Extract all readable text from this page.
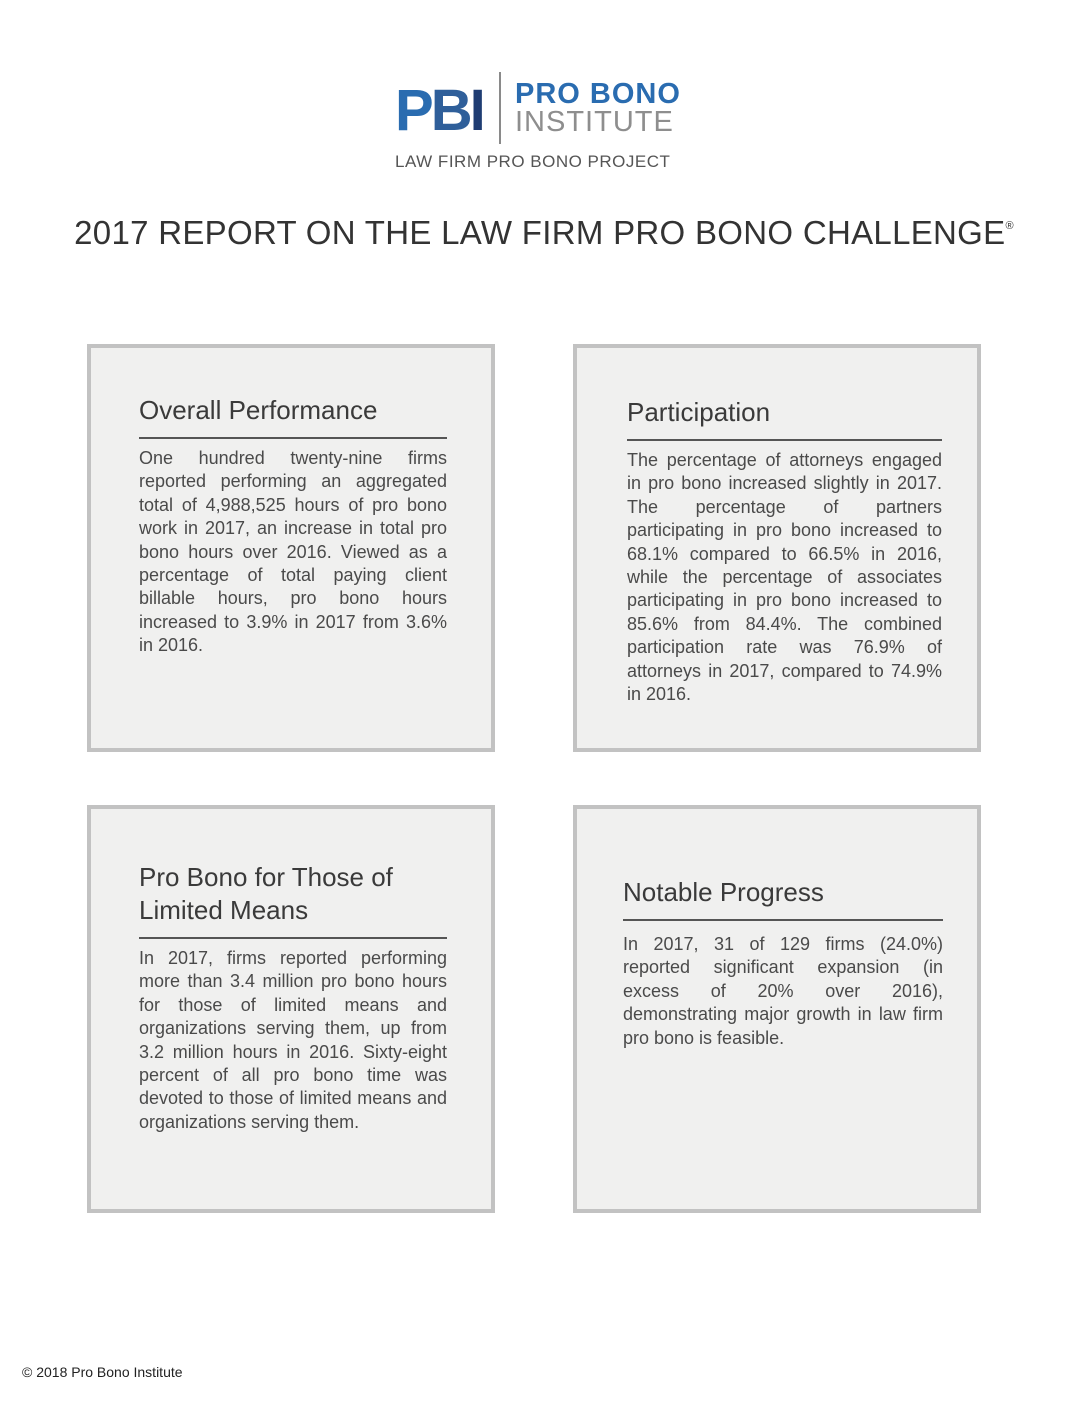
PBI PRO BONO
INSTITUTE
LAW FIRM PRO BONO PROJECT
2017 REPORT ON THE LAW FIRM PRO BONO CHALLENGE®
Overall Performance
One hundred twenty-nine firms reported performing an aggregated total of 4,988,525 hours of pro bono work in 2017, an increase in total pro bono hours over 2016. Viewed as a percentage of total paying client billable hours, pro bono hours increased to 3.9% in 2017 from 3.6% in 2016.
Participation
The percentage of attorneys engaged in pro bono increased slightly in 2017. The percentage of partners participating in pro bono increased to 68.1% compared to 66.5% in 2016, while the percentage of associates participating in pro bono increased to 85.6% from 84.4%. The combined participation rate was 76.9% of attorneys in 2017, compared to 74.9% in 2016.
Pro Bono for Those of Limited Means
In 2017, firms reported performing more than 3.4 million pro bono hours for those of limited means and organizations serving them, up from 3.2 million hours in 2016. Sixty-eight percent of all pro bono time was devoted to those of limited means and organizations serving them.
Notable Progress
In 2017, 31 of 129 firms (24.0%) reported significant expansion (in excess of 20% over 2016), demonstrating major growth in law firm pro bono is feasible.
© 2018 Pro Bono Institute
